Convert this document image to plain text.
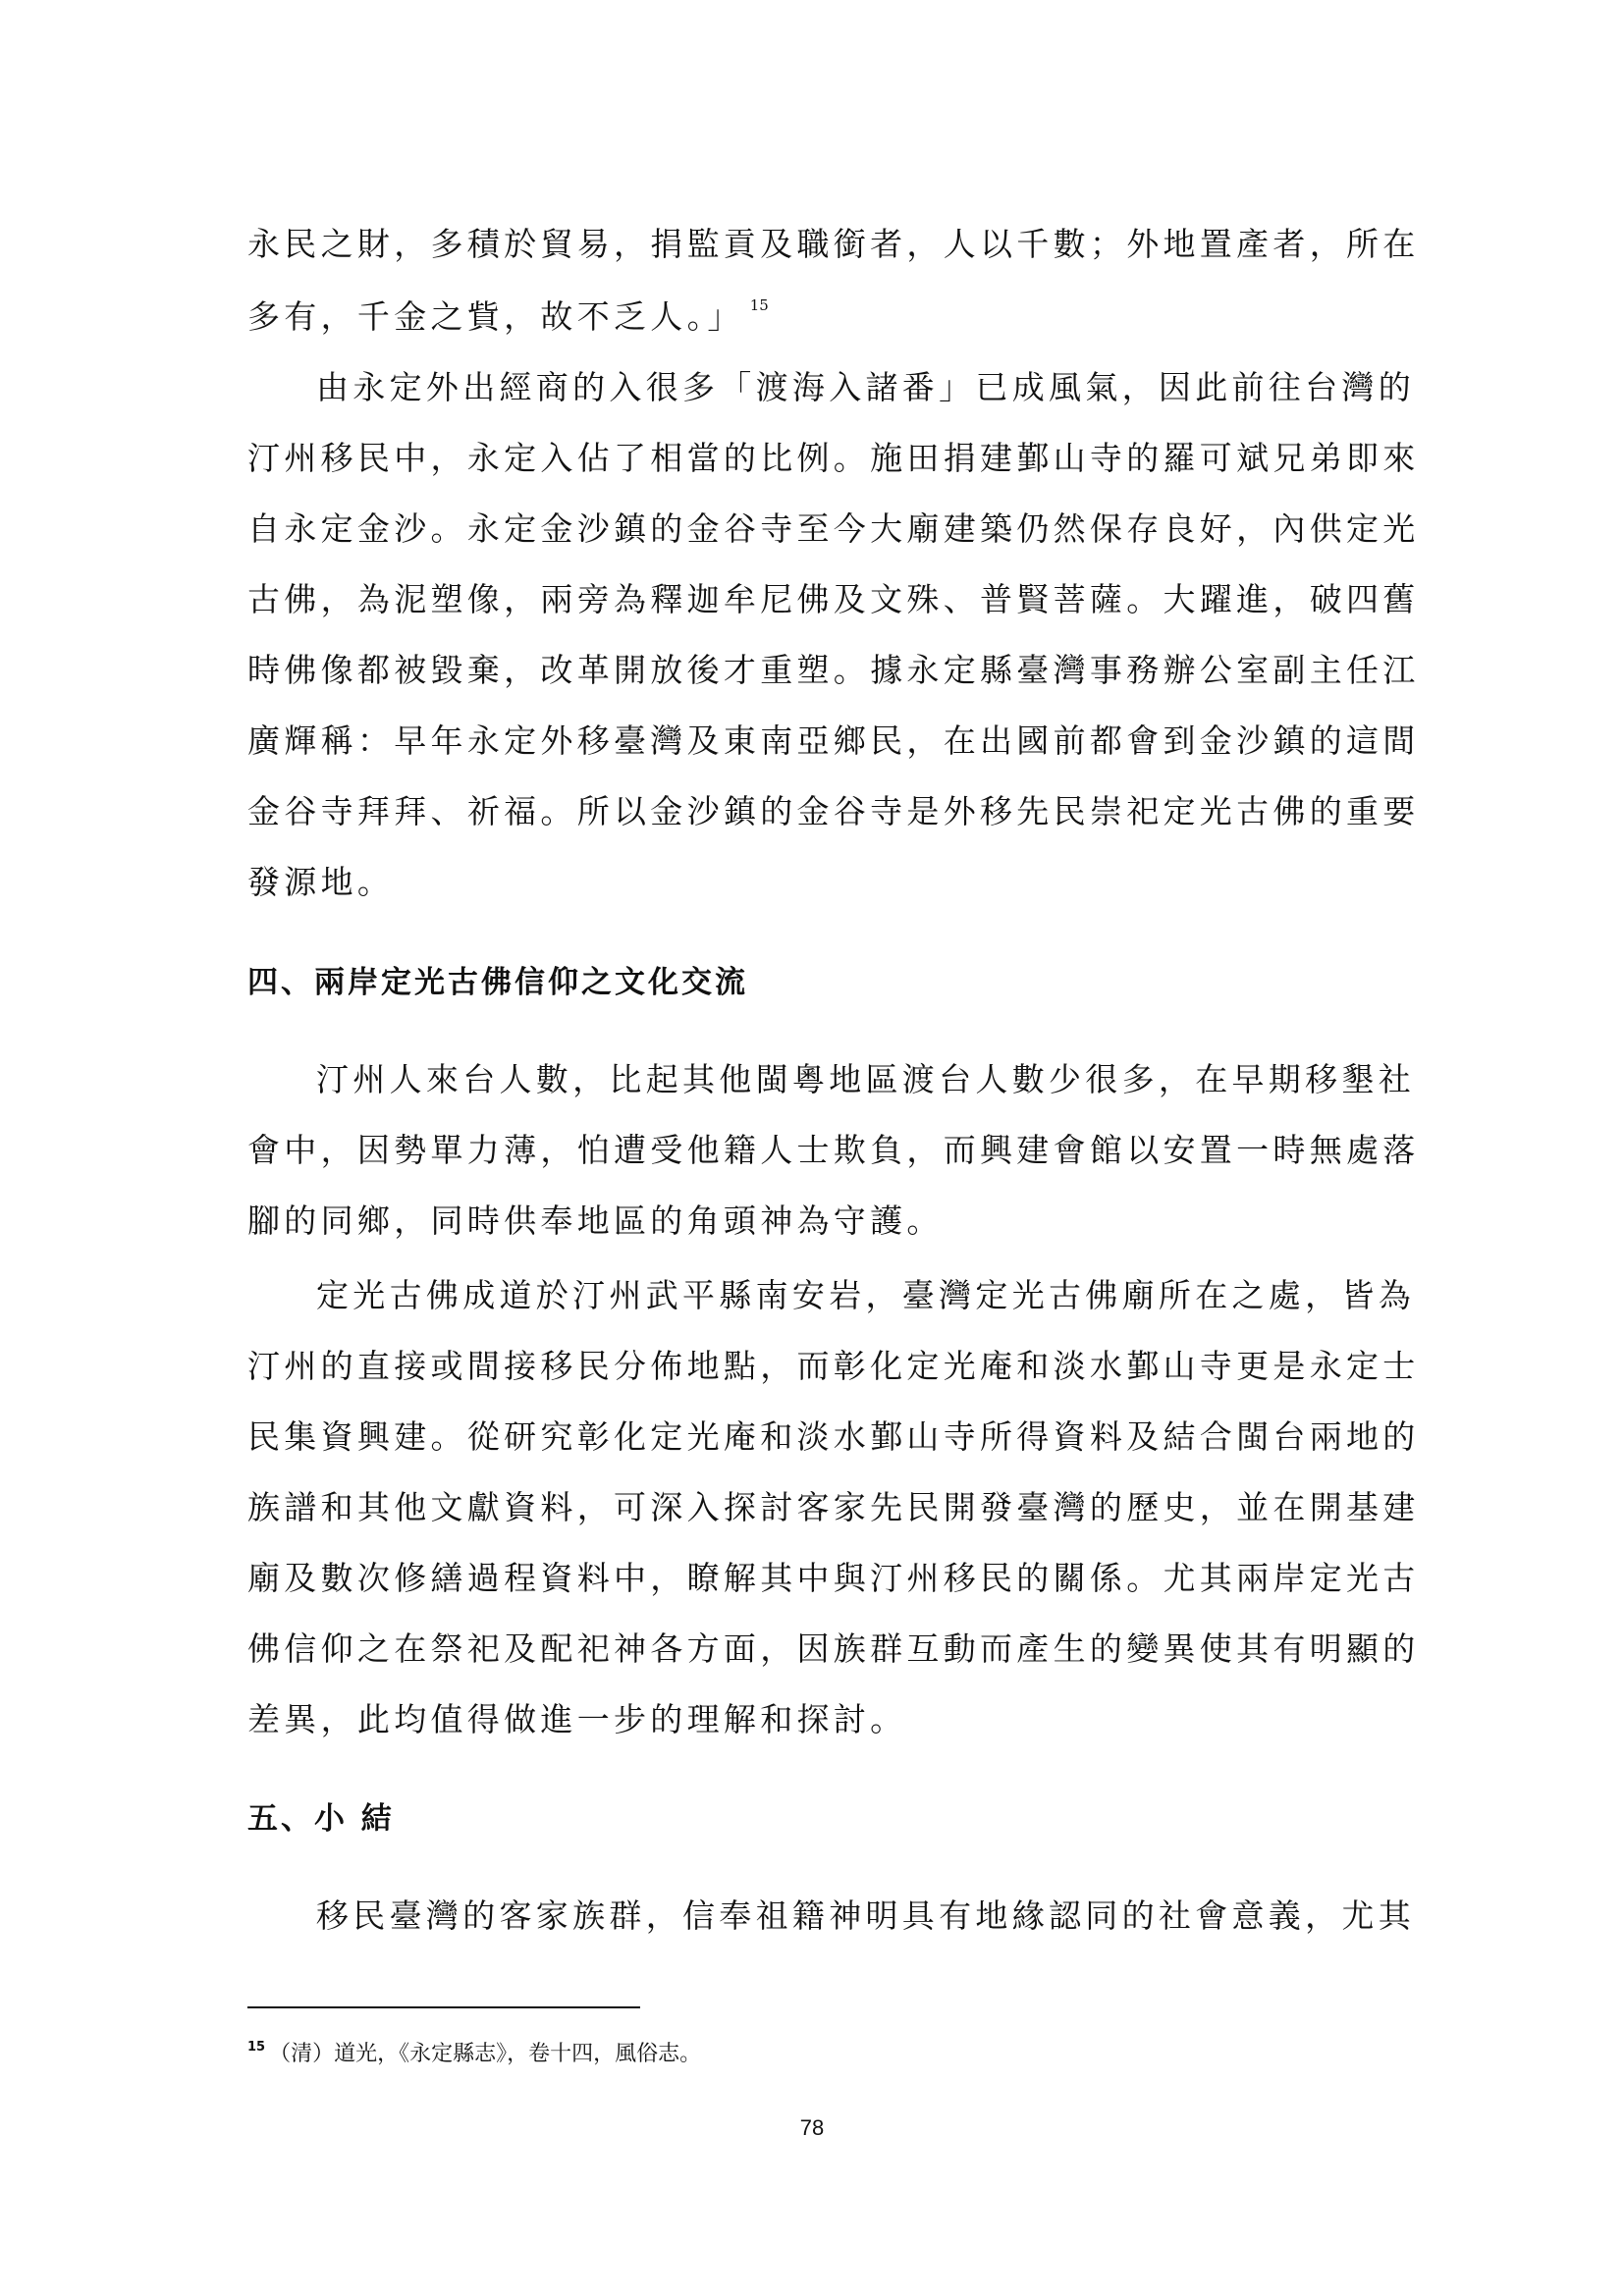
永民之財，多積於貿易，捐監貢及職銜者，人以千數；外地置產者，所在
多有，千金之貲，故不乏人。」 $^{15}$
由永定外出經商的入很多「渡海入諸番」已成風氣，因此前往台灣的
汀州移民中，永定入佔了相當的比例。施田捐建鄞山寺的羅可斌兄弟即來
自永定金沙。永定金沙鎮的金谷寺至今大廟建築仍然保存良好，內供定光
古佛，為泥塑像，兩旁為釋迦牟尼佛及文殊、普賢菩薩。大躍進，破四舊
時佛像都被毀棄，改革開放後才重塑。據永定縣臺灣事務辦公室副主任江
廣輝稱：早年永定外移臺灣及東南亞鄉民，在出國前都會到金沙鎮的這間
金谷寺拜拜、祈福。所以金沙鎮的金谷寺是外移先民崇祀定光古佛的重要
發源地。
四、兩岸定光古佛信仰之文化交流
汀州人來台人數，比起其他閩粵地區渡台人數少很多，在早期移墾社
會中，因勢單力薄，怕遭受他籍人士欺負，而興建會館以安置一時無處落
腳的同鄉，同時供奉地區的角頭神為守護。
定光古佛成道於汀州武平縣南安岩，臺灣定光古佛廟所在之處，皆為
汀州的直接或間接移民分佈地點，而彰化定光庵和淡水鄞山寺更是永定士
民集資興建。從研究彰化定光庵和淡水鄞山寺所得資料及結合閩台兩地的
族譜和其他文獻資料，可深入探討客家先民開發臺灣的歷史，並在開基建
廟及數次修繕過程資料中，瞭解其中與汀州移民的關係。尤其兩岸定光古
佛信仰之在祭祀及配祀神各方面，因族群互動而產生的變異使其有明顯的
差異，此均值得做進一步的理解和探討。
五、小 結
移民臺灣的客家族群，信奉祖籍神明具有地緣認同的社會意義，尤其
$^{15}$ （清）道光，《永定縣志》，卷十四，風俗志。
78
